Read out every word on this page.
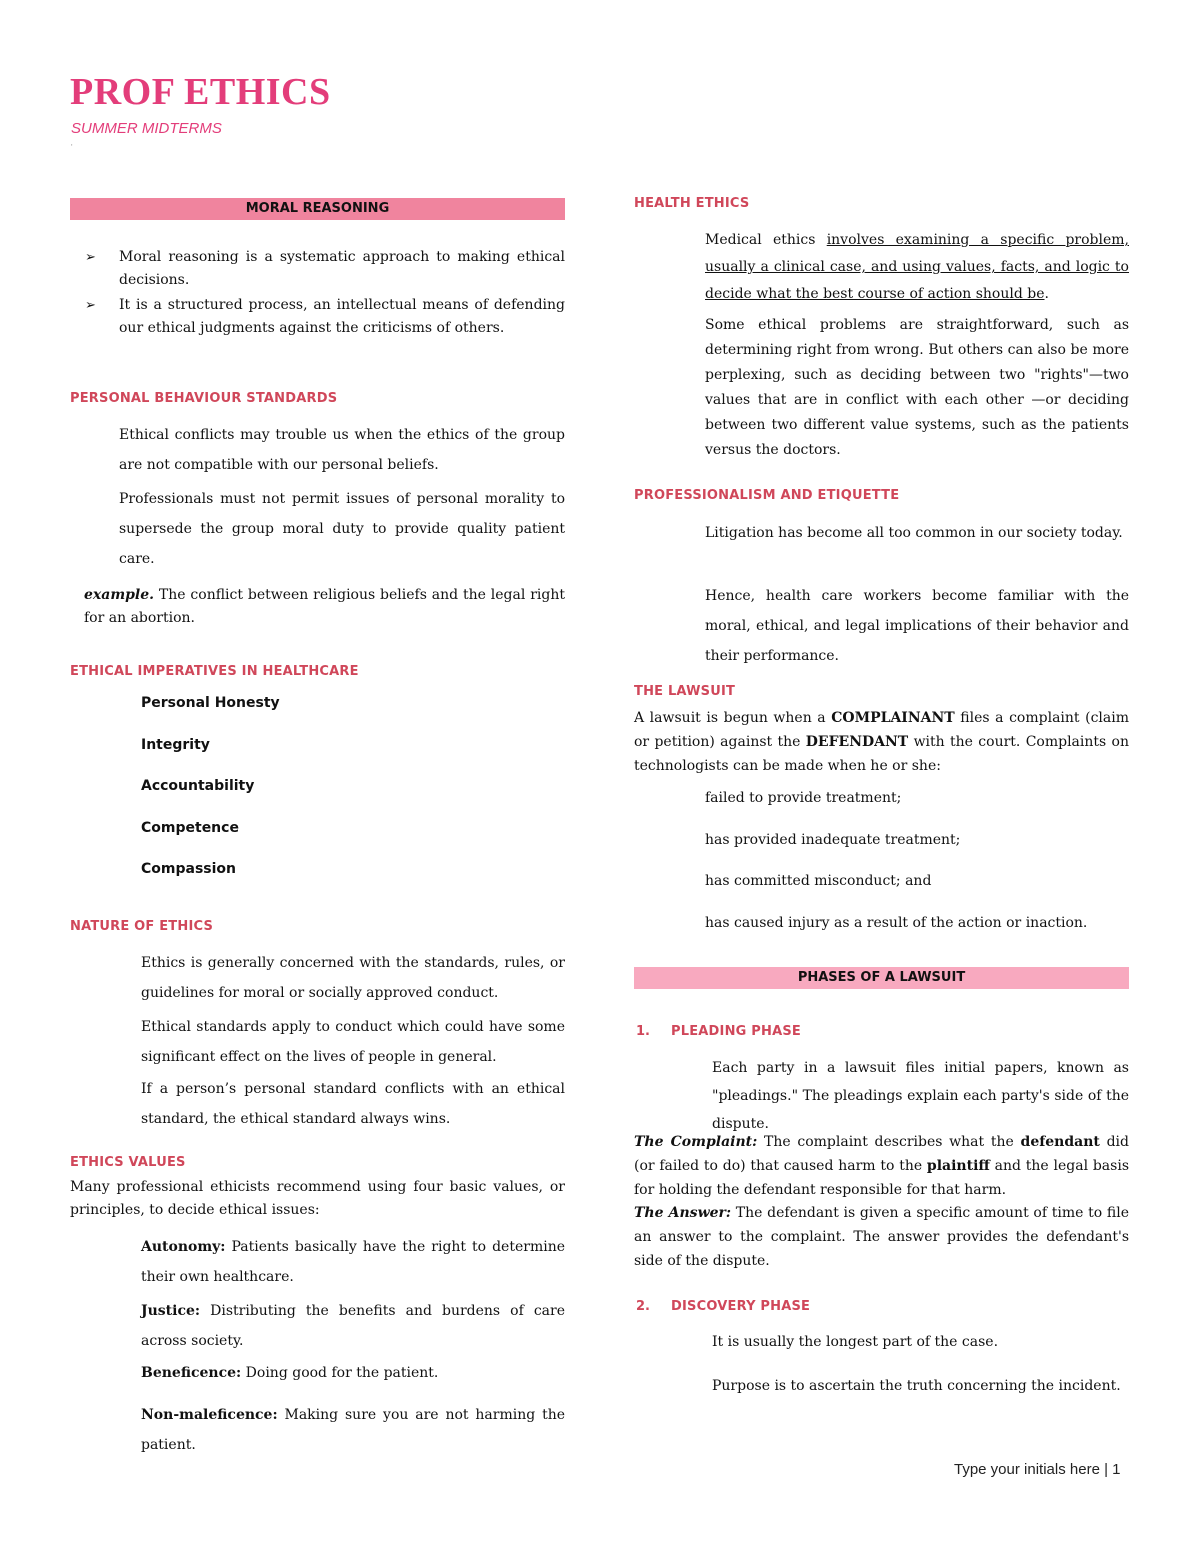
PROF ETHICS
SUMMER MIDTERMS
'
MORAL REASONING
➢ Moral reasoning is a systematic approach to making ethical decisions.
➢ It is a structured process, an intellectual means of defending our ethical judgments against the criticisms of others.
PERSONAL BEHAVIOUR STANDARDS
Ethical conflicts may trouble us when the ethics of the group are not compatible with our personal beliefs.
Professionals must not permit issues of personal morality to supersede the group moral duty to provide quality patient care.
example. The conflict between religious beliefs and the legal right for an abortion.
ETHICAL IMPERATIVES IN HEALTHCARE
Personal Honesty
Integrity
Accountability
Competence
Compassion
NATURE OF ETHICS
Ethics is generally concerned with the standards, rules, or guidelines for moral or socially approved conduct.
Ethical standards apply to conduct which could have some significant effect on the lives of people in general.
If a person’s personal standard conflicts with an ethical standard, the ethical standard always wins.
ETHICS VALUES
Many professional ethicists recommend using four basic values, or principles, to decide ethical issues:
Autonomy: Patients basically have the right to determine their own healthcare.
Justice: Distributing the benefits and burdens of care across society.
Beneficence: Doing good for the patient.
Non-maleficence: Making sure you are not harming the patient.
HEALTH ETHICS
Medical ethics involves examining a specific problem, usually a clinical case, and using values, facts, and logic to decide what the best course of action should be.
Some ethical problems are straightforward, such as determining right from wrong. But others can also be more perplexing, such as deciding between two "rights"—two values that are in conflict with each other —or deciding between two different value systems, such as the patients versus the doctors.
PROFESSIONALISM AND ETIQUETTE
Litigation has become all too common in our society today.
Hence, health care workers become familiar with the moral, ethical, and legal implications of their behavior and their performance.
THE LAWSUIT
A lawsuit is begun when a COMPLAINANT files a complaint (claim or petition) against the DEFENDANT with the court. Complaints on technologists can be made when he or she:
failed to provide treatment;
has provided inadequate treatment;
has committed misconduct; and
has caused injury as a result of the action or inaction.
PHASES OF A LAWSUIT
1. PLEADING PHASE
Each party in a lawsuit files initial papers, known as "pleadings." The pleadings explain each party's side of the dispute.
The Complaint: The complaint describes what the defendant did (or failed to do) that caused harm to the plaintiff and the legal basis for holding the defendant responsible for that harm.
The Answer: The defendant is given a specific amount of time to file an answer to the complaint. The answer provides the defendant's side of the dispute.
2. DISCOVERY PHASE
It is usually the longest part of the case.
Purpose is to ascertain the truth concerning the incident.
Type your initials here | 1
